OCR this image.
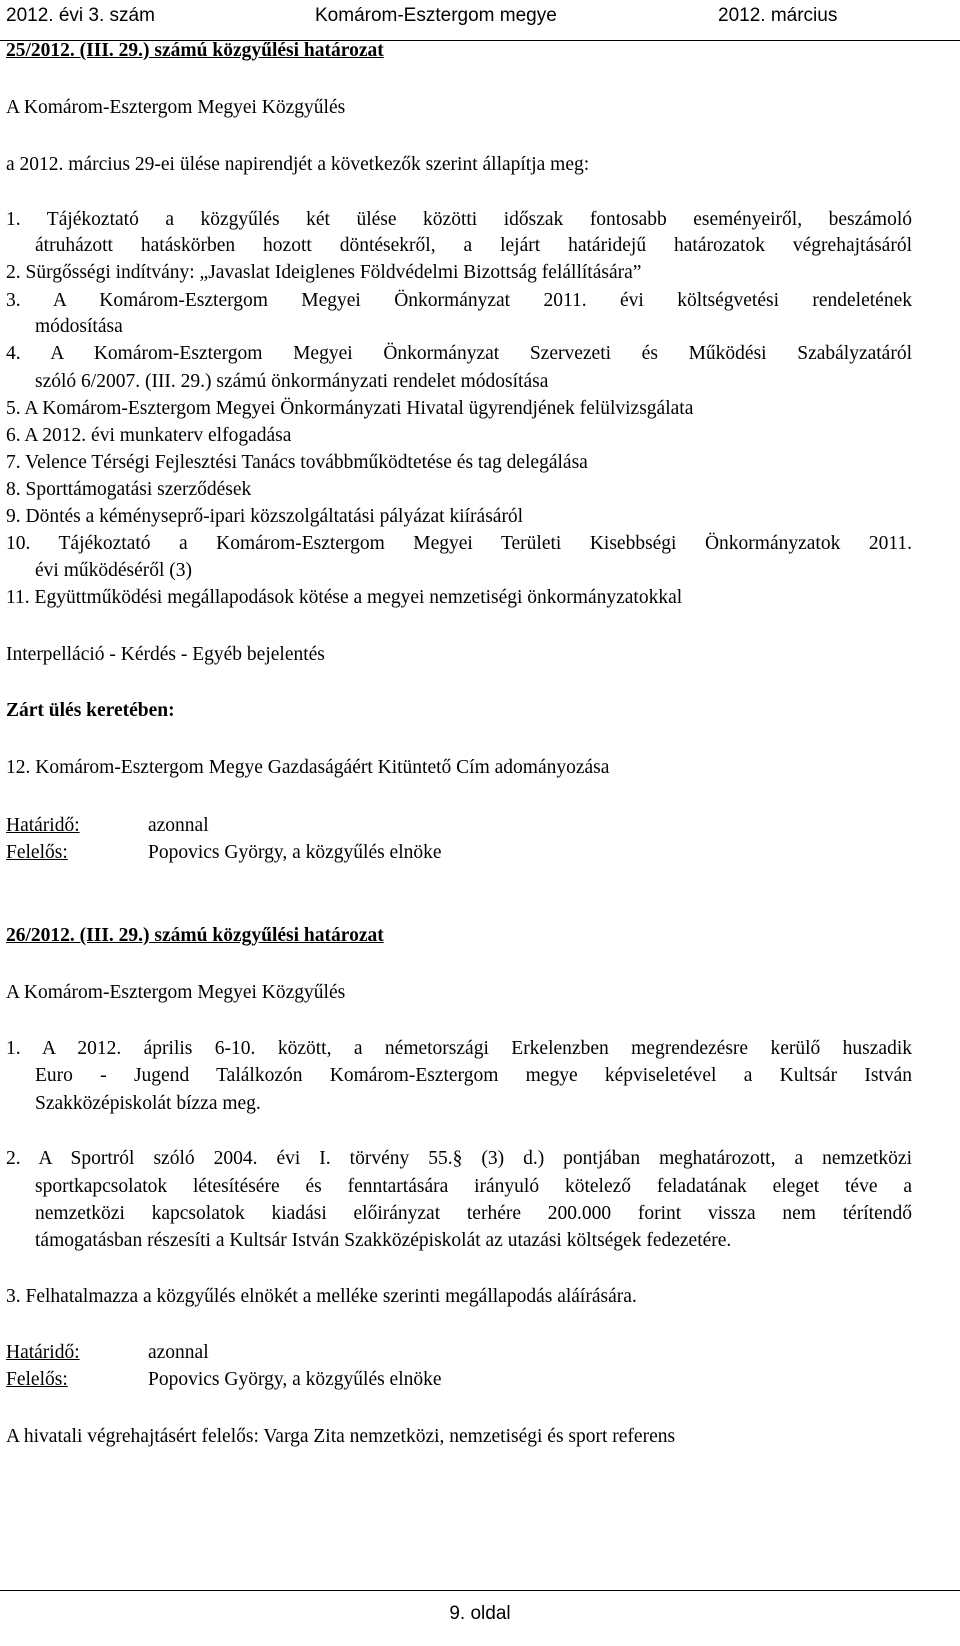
2012. évi 3. szám	Komárom-Esztergom megye	2012. március
25/2012. (III. 29.) számú közgyűlési határozat
A Komárom-Esztergom Megyei Közgyűlés
a 2012. március 29-ei ülése napirendjét a következők szerint állapítja meg:
1. Tájékoztató a közgyűlés két ülése közötti időszak fontosabb eseményeiről, beszámoló
átruházott hatáskörben hozott döntésekről, a lejárt határidejű határozatok végrehajtásáról
2. Sürgősségi indítvány: „Javaslat Ideiglenes Földvédelmi Bizottság felállítására”
3. A Komárom-Esztergom Megyei Önkormányzat 2011. évi költségvetési rendeletének
módosítása
4. A Komárom-Esztergom Megyei Önkormányzat Szervezeti és Működési Szabályzatáról
szóló 6/2007. (III. 29.) számú önkormányzati rendelet módosítása
5. A Komárom-Esztergom Megyei Önkormányzati Hivatal ügyrendjének felülvizsgálata
6. A 2012. évi munkaterv elfogadása
7. Velence Térségi Fejlesztési Tanács továbbműködtetése és tag delegálása
8. Sporttámogatási szerződések
9. Döntés a kéményseprő-ipari közszolgáltatási pályázat kiírásáról
10. Tájékoztató a Komárom-Esztergom Megyei Területi Kisebbségi Önkormányzatok 2011.
évi működéséről (3)
11. Együttműködési megállapodások kötése a megyei nemzetiségi önkormányzatokkal
Interpelláció - Kérdés - Egyéb bejelentés
Zárt ülés keretében:
12. Komárom-Esztergom Megye Gazdaságáért Kitüntető Cím adományozása
Határidő:	azonnal
Felelős:	Popovics György, a közgyűlés elnöke
26/2012. (III. 29.) számú közgyűlési határozat
A Komárom-Esztergom Megyei Közgyűlés
1. A 2012. április 6-10. között, a németországi Erkelenzben megrendezésre kerülő huszadik
Euro - Jugend Találkozón Komárom-Esztergom megye képviseletével a Kultsár István
Szakközépiskolát bízza meg.
2. A Sportról szóló 2004. évi I. törvény 55.§ (3) d.) pontjában meghatározott, a nemzetközi
sportkapcsolatok létesítésére és fenntartására irányuló kötelező feladatának eleget téve a
nemzetközi kapcsolatok kiadási előirányzat terhére 200.000 forint vissza nem térítendő
támogatásban részesíti a Kultsár István Szakközépiskolát az utazási költségek fedezetére.
3. Felhatalmazza a közgyűlés elnökét a melléke szerinti megállapodás aláírására.
Határidő:	azonnal
Felelős:	Popovics György, a közgyűlés elnöke
A hivatali végrehajtásért felelős: Varga Zita nemzetközi, nemzetiségi és sport referens
9. oldal
